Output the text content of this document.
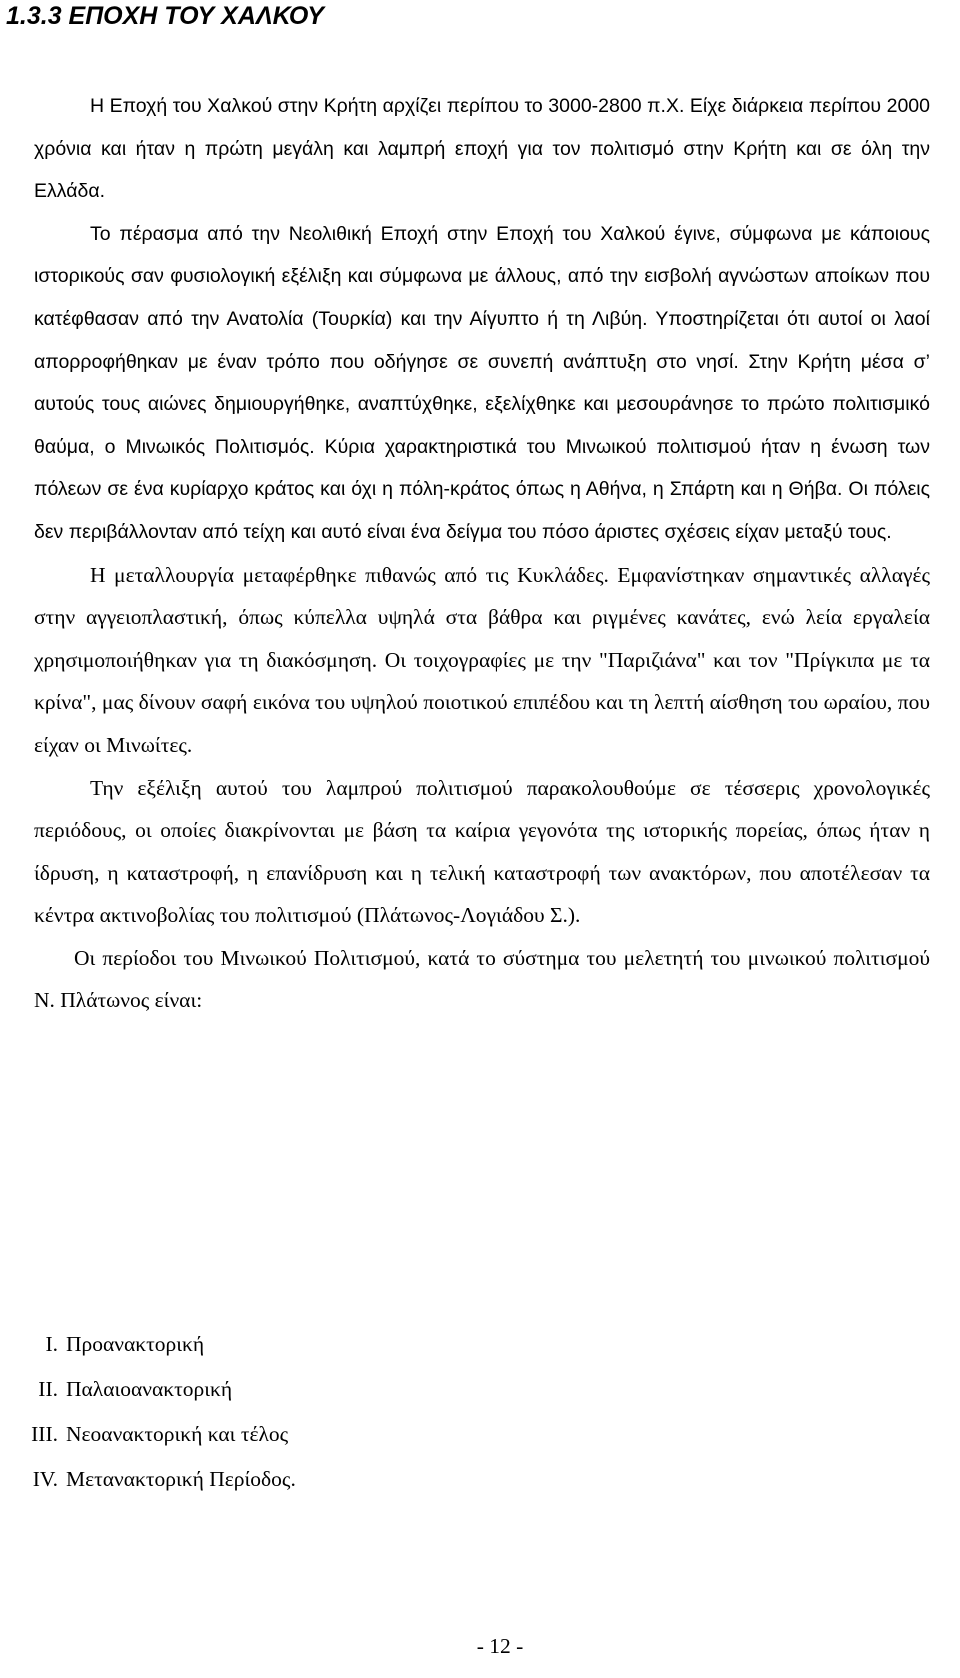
1.3.3 ΕΠΟΧΗ ΤΟΥ ΧΑΛΚΟΥ

Η Εποχή του Χαλκού στην Κρήτη αρχίζει περίπου το 3000-2800 π.Χ. Είχε διάρκεια περίπου 2000 χρόνια και ήταν η πρώτη μεγάλη και λαμπρή εποχή για τον πολιτισμό στην Κρήτη και σε όλη την Ελλάδα.

Το πέρασμα από την Νεολιθική Εποχή στην Εποχή του Χαλκού έγινε, σύμφωνα με κάποιους ιστορικούς σαν φυσιολογική εξέλιξη και σύμφωνα με άλλους, από την εισβολή αγνώστων αποίκων που κατέφθασαν από την Ανατολία (Τουρκία) και την Αίγυπτο ή τη Λιβύη. Υποστηρίζεται ότι αυτοί οι λαοί απορροφήθηκαν με έναν τρόπο που οδήγησε σε συνεπή ανάπτυξη στο νησί. Στην Κρήτη μέσα σ’ αυτούς τους αιώνες δημιουργήθηκε, αναπτύχθηκε, εξελίχθηκε και μεσουράνησε το πρώτο πολιτισμικό θαύμα, ο Μινωικός Πολιτισμός. Κύρια χαρακτηριστικά του Μινωικού πολιτισμού ήταν η ένωση των πόλεων σε ένα κυρίαρχο κράτος και όχι η πόλη-κράτος όπως η Αθήνα, η Σπάρτη και η Θήβα. Οι πόλεις δεν περιβάλλονταν από τείχη και αυτό είναι ένα δείγμα του πόσο άριστες σχέσεις είχαν μεταξύ τους.

Η μεταλλουργία μεταφέρθηκε πιθανώς από τις Κυκλάδες. Εμφανίστηκαν σημαντικές αλλαγές στην αγγειοπλαστική, όπως κύπελλα υψηλά στα βάθρα και ριγμένες κανάτες, ενώ λεία εργαλεία χρησιμοποιήθηκαν για τη διακόσμηση. Οι τοιχογραφίες με την "Παριζιάνα" και τον "Πρίγκιπα με τα κρίνα", μας δίνουν σαφή εικόνα του υψηλού ποιοτικού επιπέδου και τη λεπτή αίσθηση του ωραίου, που είχαν οι Μινωίτες.

Την εξέλιξη αυτού του λαμπρού πολιτισμού παρακολουθούμε σε τέσσερις χρονολογικές περιόδους, οι οποίες διακρίνονται με βάση τα καίρια γεγονότα της ιστορικής πορείας, όπως ήταν η ίδρυση, η καταστροφή, η επανίδρυση και η τελική καταστροφή των ανακτόρων, που αποτέλεσαν τα κέντρα ακτινοβολίας του πολιτισμού (Πλάτωνος-Λογιάδου Σ.).

Οι περίοδοι του Μινωικού Πολιτισμού, κατά το σύστημα του μελετητή του μινωικού πολιτισμού Ν. Πλάτωνος είναι:

I. Προανακτορική
II. Παλαιοανακτορική
III. Νεοανακτορική και τέλος
IV. Μετανακτορική Περίοδος.
- 12 -
